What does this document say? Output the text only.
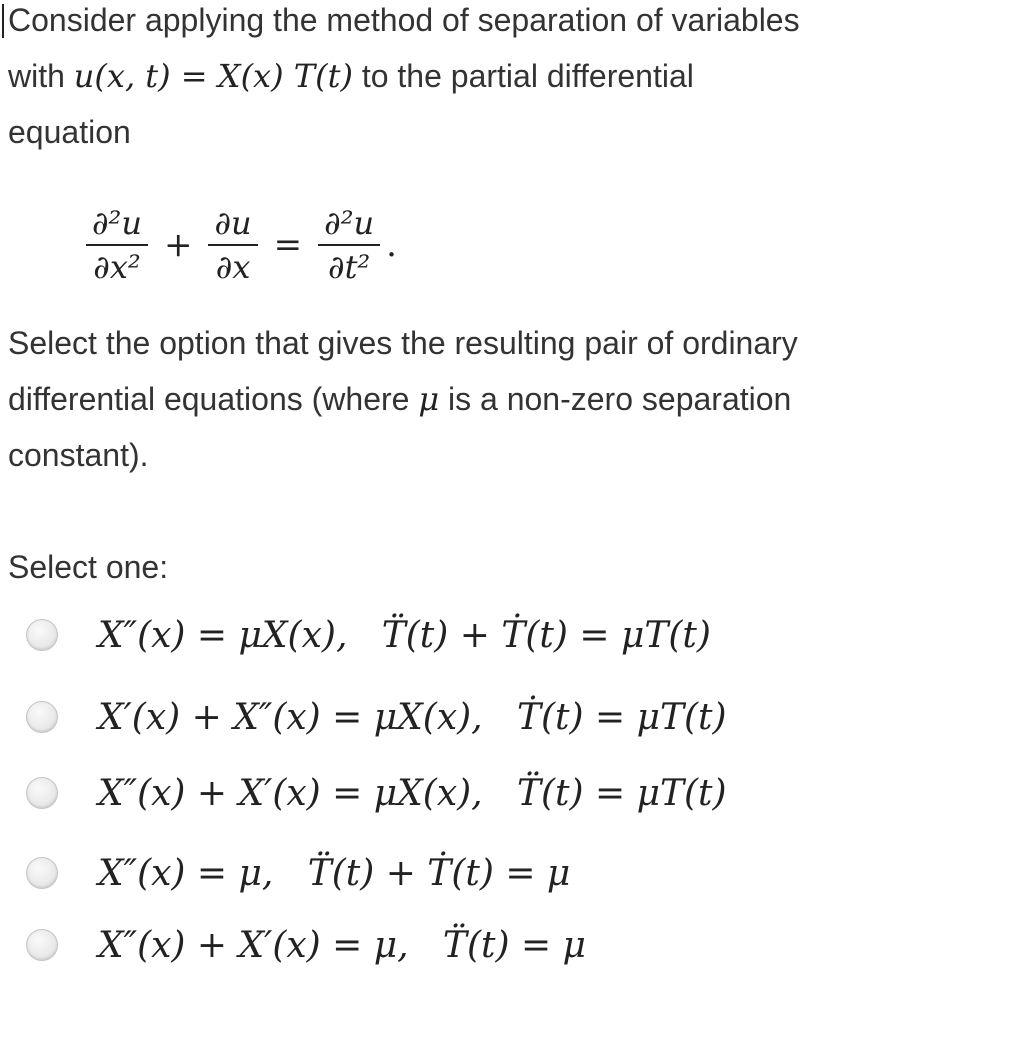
Consider applying the method of separation of variables
with u(x, t) = X(x) T(t) to the partial differential
equation
$\frac{\text{∂²u}}{\text{∂x²}} + \frac{\partial u}{\partial x} = \frac{\text{∂²u}}{\text{∂t²}}$ .
Select the option that gives the resulting pair of ordinary
differential equations (where μ is a non-zero separation
constant).
Select one:
X″(x) = μX(x),   T̈(t) + Ṫ(t) = μT(t)
X′(x) + X″(x) = μX(x),   Ṫ(t) = μT(t)
X″(x) + X′(x) = μX(x),   T̈(t) = μT(t)
X″(x) = μ,   T̈(t) + Ṫ(t) = μ
X″(x) + X′(x) = μ,   T̈(t) = μ
